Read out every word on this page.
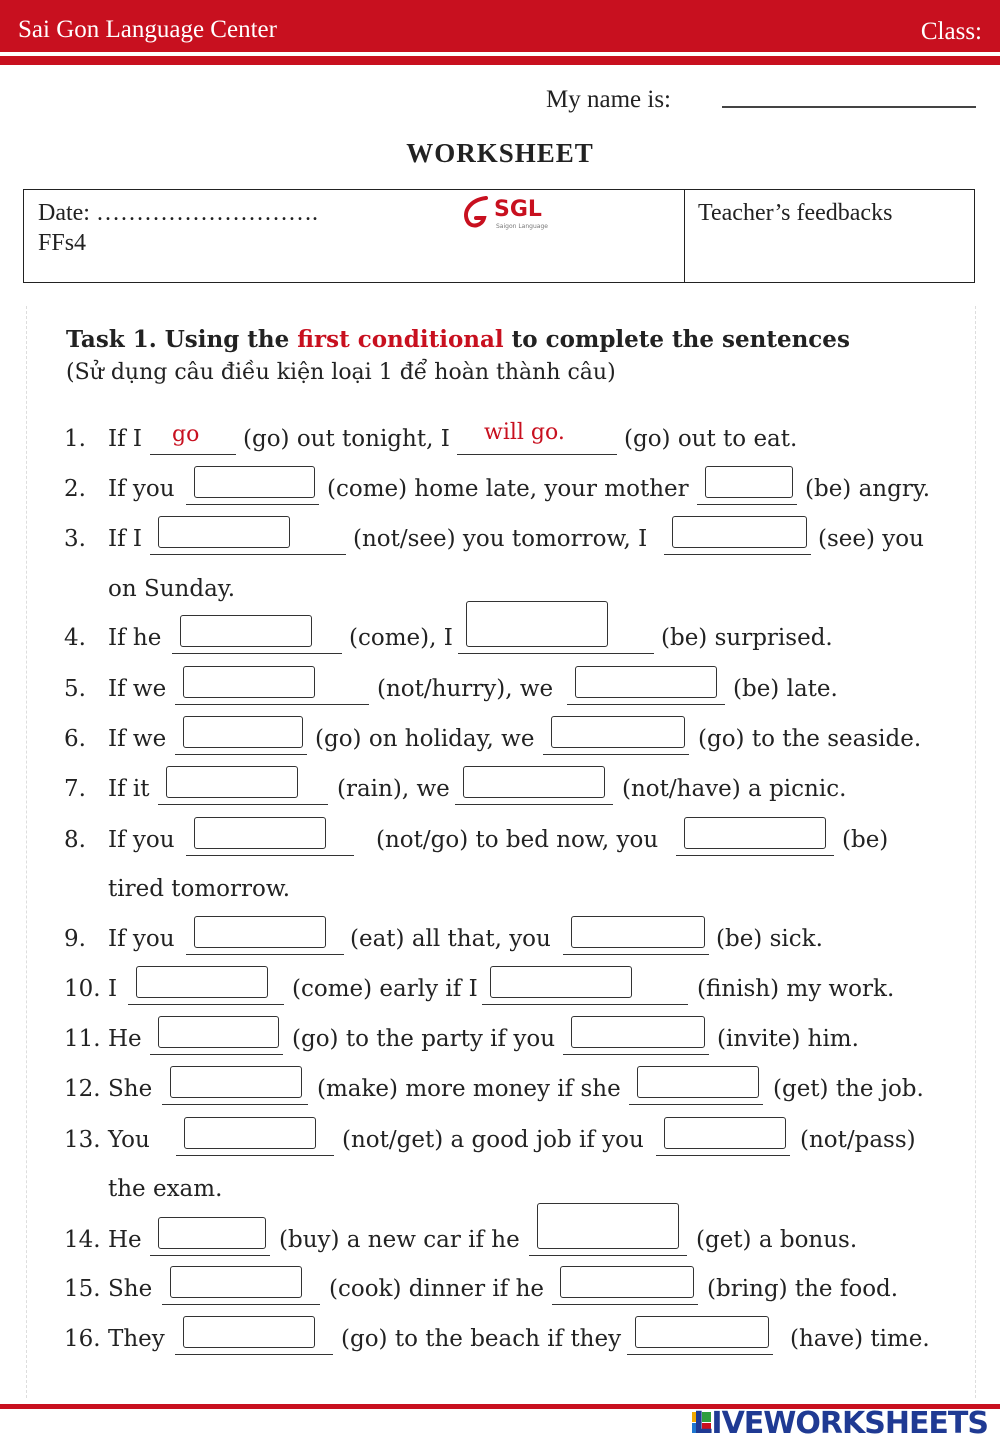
Sai Gon Language Center	Class:
My name is:
WORKSHEET
Date: ……………………….
FFs4
SGL
Saigon Language
Teacher’s feedbacks
Task 1. Using the first conditional to complete the sentences
(Sử dụng câu điều kiện loại 1 để hoàn thành câu)
1. If I	(go) out tonight, I	(go) out to eat.
go	will go.
2. If you	(come) home late, your mother	(be) angry.
3. If I	(not/see) you tomorrow, I	(see) you
on Sunday.
4. If he	(come), I	(be) surprised.
5. If we	(not/hurry), we	(be) late.
6. If we	(go) on holiday, we	(go) to the seaside.
7. If it	(rain), we	(not/have) a picnic.
8. If you	(not/go) to bed now, you	(be)
tired tomorrow.
9. If you	(eat) all that, you	(be) sick.
10. I	(come) early if I	(finish) my work.
11. He	(go) to the party if you	(invite) him.
12. She	(make) more money if she	(get) the job.
13. You	(not/get) a good job if you	(not/pass)
the exam.
14. He	(buy) a new car if he	(get) a bonus.
15. She	(cook) dinner if he	(bring) the food.
16. They	(go) to the beach if they	(have) time.
LIVEWORKSHEETS
